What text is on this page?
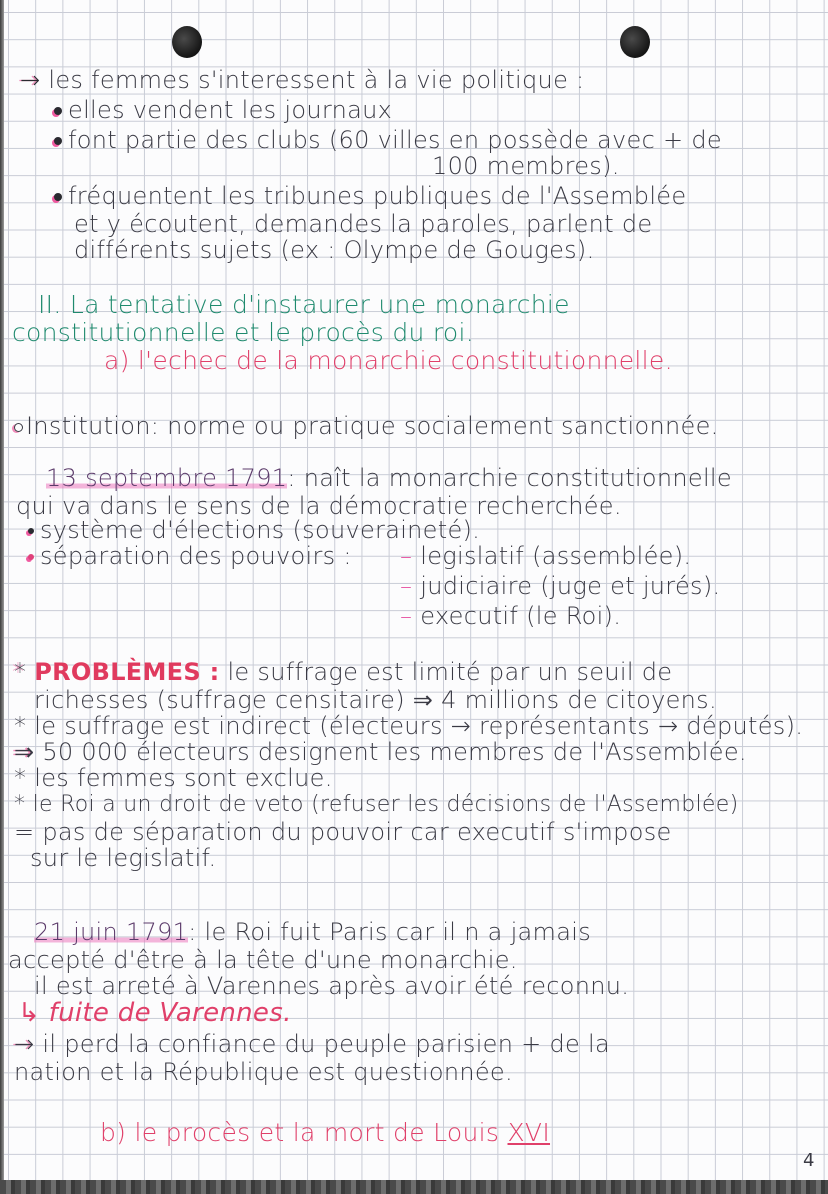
→ les femmes s'interessent à la vie politique :
elles vendent les journaux
font partie des clubs (60 villes en possède avec + de
100 membres).
fréquentent les tribunes publiques de l'Assemblée
et y écoutent, demandes la paroles, parlent de
différents sujets (ex : Olympe de Gouges).
II. La tentative d'instaurer une monarchie
constitutionnelle et le procès du roi.
a) l'echec de la monarchie constitutionnelle.
Institution: norme ou pratique socialement sanctionnée.
13 septembre 1791: naît la monarchie constitutionnelle
qui va dans le sens de la démocratie recherchée.
système d'élections (souveraineté).
séparation des pouvoirs : – legislatif (assemblée).
– judiciaire (juge et jurés).
– executif (le Roi).
* PROBLÈMES : le suffrage est limité par un seuil de
richesses (suffrage censitaire) ⇒ 4 millions de citoyens.
* le suffrage est indirect (électeurs → représentants → députés).
⇒ 50 000 électeurs designent les membres de l'Assemblée.
* les femmes sont exclue.
* le Roi a un droit de veto (refuser les décisions de l'Assemblée)
= pas de séparation du pouvoir car executif s'impose
sur le legislatif.
21 juin 1791: le Roi fuit Paris car il n a jamais
accepté d'être à la tête d'une monarchie.
il est arreté à Varennes après avoir été reconnu.
↳ fuite de Varennes.
→ il perd la confiance du peuple parisien + de la
nation et la République est questionnée.
b) le procès et la mort de Louis XVI
4
